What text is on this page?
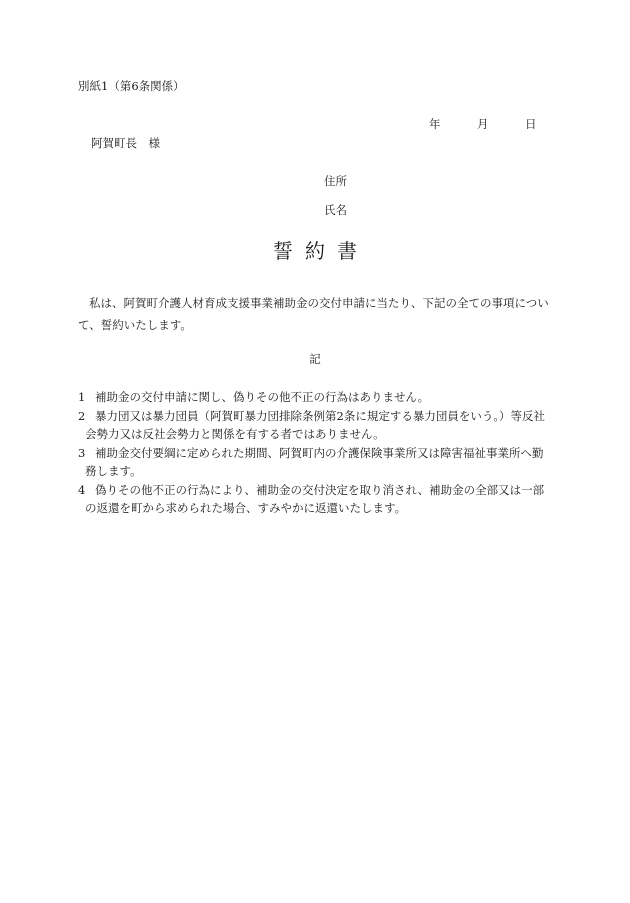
別紙1（第6条関係）
年	月	日
阿賀町長　様
住所
氏名
誓約書
私は、阿賀町介護人材育成支援事業補助金の交付申請に当たり、下記の全ての事項について、誓約いたします。
記
1 補助金の交付申請に関し、偽りその他不正の行為はありません。
2 暴力団又は暴力団員（阿賀町暴力団排除条例第2条に規定する暴力団員をいう。）等反社会勢力又は反社会勢力と関係を有する者ではありません。
3 補助金交付要綱に定められた期間、阿賀町内の介護保険事業所又は障害福祉事業所へ勤務します。
4 偽りその他不正の行為により、補助金の交付決定を取り消され、補助金の全部又は一部の返還を町から求められた場合、すみやかに返還いたします。
